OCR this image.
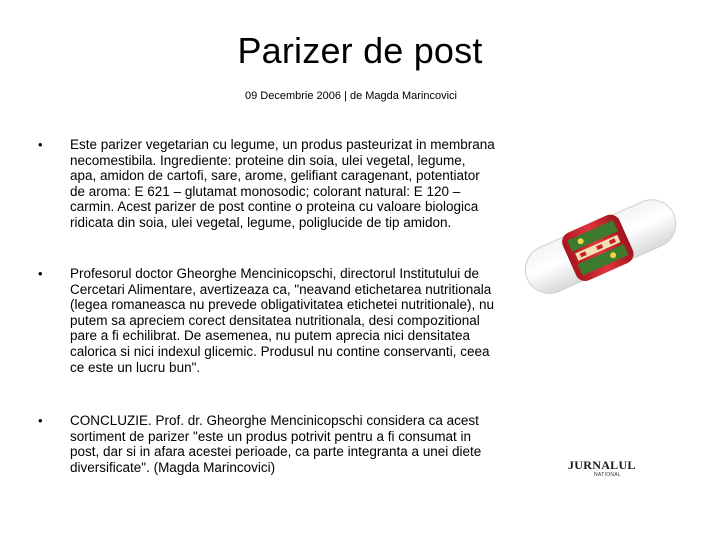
Parizer de post
09 Decembrie 2006 | de Magda Marincovici
• Este parizer vegetarian cu legume, un produs pasteurizat in membrana necomestibila. Ingrediente: proteine din soia, ulei vegetal, legume, apa, amidon de cartofi, sare, arome, gelifiant caragenant, potentiator de aroma: E 621 – glutamat monosodic; colorant natural: E 120 – carmin. Acest parizer de post contine o proteina cu valoare biologica ridicata din soia, ulei vegetal, legume, poliglucide de tip amidon.
• Profesorul doctor Gheorghe Mencinicopschi, directorul Institutului de Cercetari Alimentare, avertizeaza ca, "neavand etichetarea nutritionala (legea romaneasca nu prevede obligativitatea etichetei nutritionale), nu putem sa apreciem corect densitatea nutritionala, desi compozitional pare a fi echilibrat. De asemenea, nu putem aprecia nici densitatea calorica si nici indexul glicemic. Produsul nu contine conservanti, ceea ce este un lucru bun".
• CONCLUZIE. Prof. dr. Gheorghe Mencinicopschi considera ca acest sortiment de parizer "este un produs potrivit pentru a fi consumat in post, dar si in afara acestei perioade, ca parte integranta a unei diete diversificate". (Magda Marincovici)	JURNALUL
NATIONAL
